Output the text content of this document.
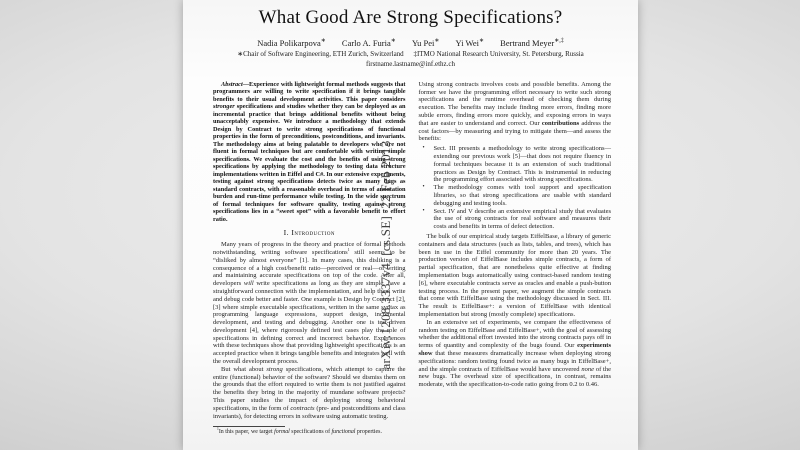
arXiv:1208.3337v4  [cs.SE]  22 Feb 2013
What Good Are Strong Specifications?
Nadia Polikarpova∗ Carlo A. Furia∗ Yu Pei∗ Yi Wei∗ Bertrand Meyer∗,‡
∗Chair of Software Engineering, ETH Zurich, Switzerland ‡ITMO National Research University, St. Petersburg, Russia
firstname.lastname@inf.ethz.ch

Abstract—Experience with lightweight formal methods suggests that programmers are willing to write specification if it brings tangible benefits to their usual development activities. This paper considers stronger specifications and studies whether they can be deployed as an incremental practice that brings additional benefits without being unacceptably expensive. We introduce a methodology that extends Design by Contract to write strong specifications of functional properties in the form of preconditions, postconditions, and invariants. The methodology aims at being palatable to developers who are not fluent in formal techniques but are comfortable with writing simple specifications. We evaluate the cost and the benefits of using strong specifications by applying the methodology to testing data structure implementations written in Eiffel and C#. In our extensive experiments, testing against strong specifications detects twice as many bugs as standard contracts, with a reasonable overhead in terms of annotation burden and run-time performance while testing. In the wide spectrum of formal techniques for software quality, testing against strong specifications lies in a “sweet spot” with a favorable benefit to effort ratio.

I. Introduction

Many years of progress in the theory and practice of formal methods notwithstanding, writing software specifications$^1$ still seems to be “disliked by almost everyone” [1]. In many cases, this disliking is a consequence of a high cost/benefit ratio—perceived or real—of writing and maintaining accurate specifications on top of the code. After all, developers will write specifications as long as they are simple, have a straightforward connection with the implementation, and help them write and debug code better and faster. One example is Design by Contract [2], [3] where simple executable specifications, written in the same syntax as programming language expressions, support design, incremental development, and testing and debugging. Another one is test-driven development [4], where rigorously defined test cases play the role of specifications in defining correct and incorrect behavior. Experiences with these techniques show that providing lightweight specifications is an accepted practice when it brings tangible benefits and integrates well with the overall development process.

But what about strong specifications, which attempt to capture the entire (functional) behavior of the software? Should we dismiss them on the grounds that the effort required to write them is not justified against the benefits they bring in the majority of mundane software projects? This paper studies the impact of deploying strong behavioral specifications, in the form of contracts (pre- and postconditions and class invariants), for detecting errors in software using automatic testing.

$^1$In this paper, we target formal specifications of functional properties.

Using strong contracts involves costs and possible benefits. Among the former we have the programming effort necessary to write such strong specifications and the runtime overhead of checking them during execution. The benefits may include finding more errors, finding more subtle errors, finding errors more quickly, and exposing errors in ways that are easier to understand and correct. Our contributions address the cost factors—by measuring and trying to mitigate them—and assess the benefits:

•	Sect. III presents a methodology to write strong specifications—extending our previous work [5]—that does not require fluency in formal techniques because it is an extension of such traditional practices as Design by Contract. This is instrumental in reducing the programming effort associated with strong specifications.
•	The methodology comes with tool support and specification libraries, so that strong specifications are usable with standard debugging and testing tools.
•	Sect. IV and V describe an extensive empirical study that evaluates the use of strong contracts for real software and measures their costs and benefits in terms of defect detection.

The bulk of our empirical study targets EiffelBase, a library of generic containers and data structures (such as lists, tables, and trees), which has been in use in the Eiffel community for more than 20 years. The production version of EiffelBase includes simple contracts, a form of partial specification, that are nonetheless quite effective at finding implementation bugs automatically using contract-based random testing [6], where executable contracts serve as oracles and enable a push-button testing process. In the present paper, we augment the simple contracts that come with EiffelBase using the methodology discussed in Sect. III. The result is EiffelBase+: a version of EiffelBase with identical implementation but strong (mostly complete) specifications.

In an extensive set of experiments, we compare the effectiveness of random testing on EiffelBase and EiffelBase+, with the goal of assessing whether the additional effort invested into the strong contracts pays off in terms of quantity and complexity of the bugs found. Our experiments show that these measures dramatically increase when deploying strong specifications: random testing found twice as many bugs in EiffelBase+, and the simple contracts of EiffelBase would have uncovered none of the new bugs. The overhead size of specifications, in contrast, remains moderate, with the specification-to-code ratio going from 0.2 to 0.46.
